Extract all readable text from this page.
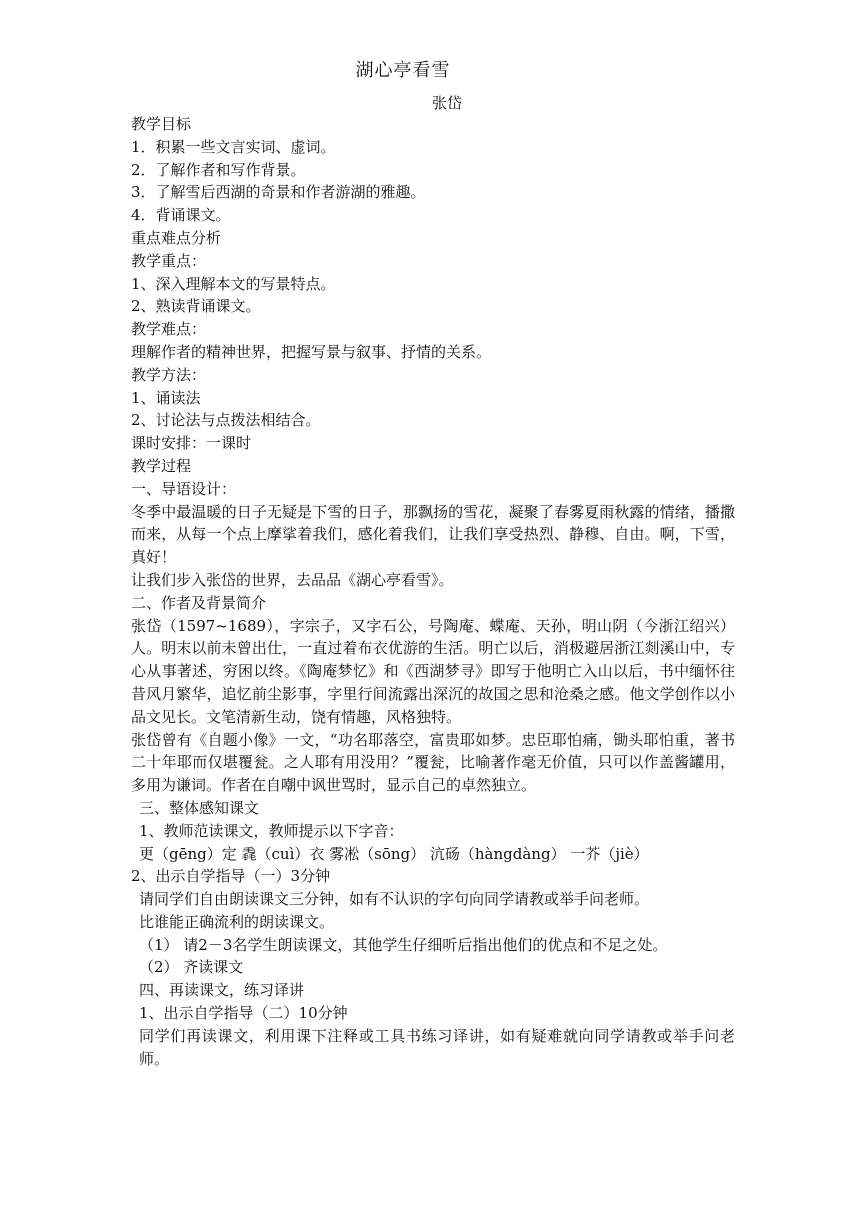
湖心亭看雪
张岱
教学目标
1．积累一些文言实词、虚词。
2．了解作者和写作背景。
3．了解雪后西湖的奇景和作者游湖的雅趣。
4．背诵课文。
重点难点分析
教学重点：
1、深入理解本文的写景特点。
2、熟读背诵课文。
教学难点：
理解作者的精神世界，把握写景与叙事、抒情的关系。
教学方法：
1、诵读法
2、讨论法与点拨法相结合。
课时安排：一课时
教学过程
一、导语设计：
冬季中最温暖的日子无疑是下雪的日子，那飘扬的雪花，凝聚了春雾夏雨秋露的情绪，播撒而来，从每一个点上摩挲着我们，感化着我们，让我们享受热烈、静穆、自由。啊，下雪，真好！
让我们步入张岱的世界，去品品《湖心亭看雪》。
二、作者及背景简介
张岱（1597~1689），字宗子，又字石公，号陶庵、蝶庵、天孙，明山阴（今浙江绍兴）人。明末以前未曾出仕，一直过着布衣优游的生活。明亡以后，消极避居浙江剡溪山中，专心从事著述，穷困以终。《陶庵梦忆》和《西湖梦寻》即写于他明亡入山以后，书中缅怀往昔风月繁华，追忆前尘影事，字里行间流露出深沉的故国之思和沧桑之感。他文学创作以小品文见长。文笔清新生动，饶有情趣，风格独特。
张岱曾有《自题小像》一文，“功名耶落空，富贵耶如梦。忠臣耶怕痛，锄头耶怕重，著书二十年耶而仅堪覆瓮。之人耶有用没用？”覆瓮，比喻著作毫无价值，只可以作盖酱罐用，多用为谦词。作者在自嘲中讽世骂时，显示自己的卓然独立。
三、整体感知课文
1、教师范读课文，教师提示以下字音：
更（gēng）定 毳（cuì）衣 雾凇（sōng） 沆砀（hàngdàng） 一芥（jiè）
2、出示自学指导（一）3分钟
请同学们自由朗读课文三分钟，如有不认识的字句向同学请教或举手问老师。
比谁能正确流利的朗读课文。
（1） 请2－3名学生朗读课文，其他学生仔细听后指出他们的优点和不足之处。
（2） 齐读课文
四、再读课文，练习译讲
1、出示自学指导（二）10分钟
同学们再读课文，利用课下注释或工具书练习译讲，如有疑难就向同学请教或举手问老师。
